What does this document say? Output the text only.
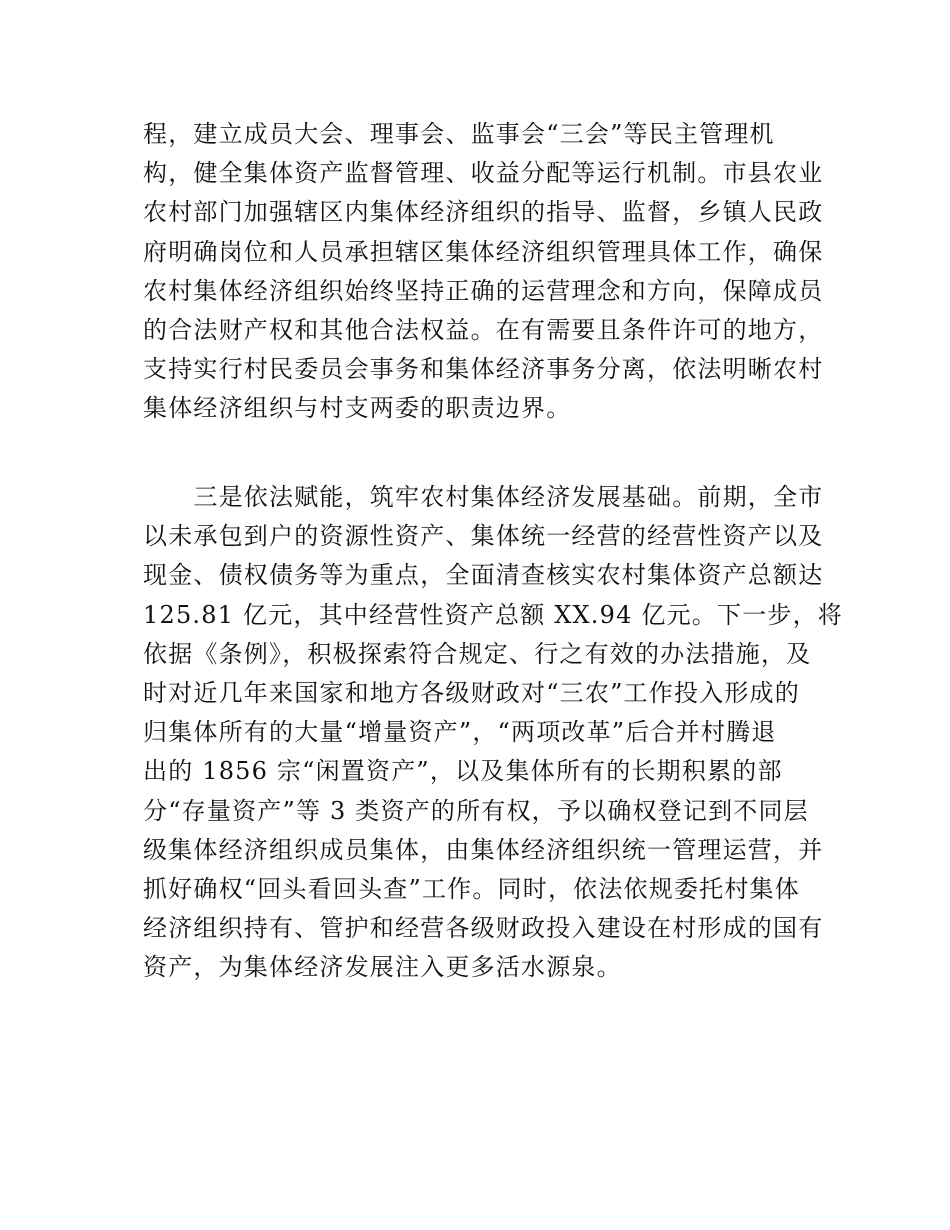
程，建立成员大会、理事会、监事会“三会”等民主管理机
构，健全集体资产监督管理、收益分配等运行机制。市县农业
农村部门加强辖区内集体经济组织的指导、监督，乡镇人民政
府明确岗位和人员承担辖区集体经济组织管理具体工作，确保
农村集体经济组织始终坚持正确的运营理念和方向，保障成员
的合法财产权和其他合法权益。在有需要且条件许可的地方，
支持实行村民委员会事务和集体经济事务分离，依法明晰农村
集体经济组织与村支两委的职责边界。
　　三是依法赋能，筑牢农村集体经济发展基础。前期，全市
以未承包到户的资源性资产、集体统一经营的经营性资产以及
现金、债权债务等为重点，全面清查核实农村集体资产总额达
125.81 亿元，其中经营性资产总额 XX.94 亿元。下一步，将
依据《条例》，积极探索符合规定、行之有效的办法措施，及
时对近几年来国家和地方各级财政对“三农”工作投入形成的
归集体所有的大量“增量资产”，“两项改革”后合并村腾退
出的 1856 宗“闲置资产”，以及集体所有的长期积累的部
分“存量资产”等 3 类资产的所有权，予以确权登记到不同层
级集体经济组织成员集体，由集体经济组织统一管理运营，并
抓好确权“回头看回头查”工作。同时，依法依规委托村集体
经济组织持有、管护和经营各级财政投入建设在村形成的国有
资产，为集体经济发展注入更多活水源泉。
